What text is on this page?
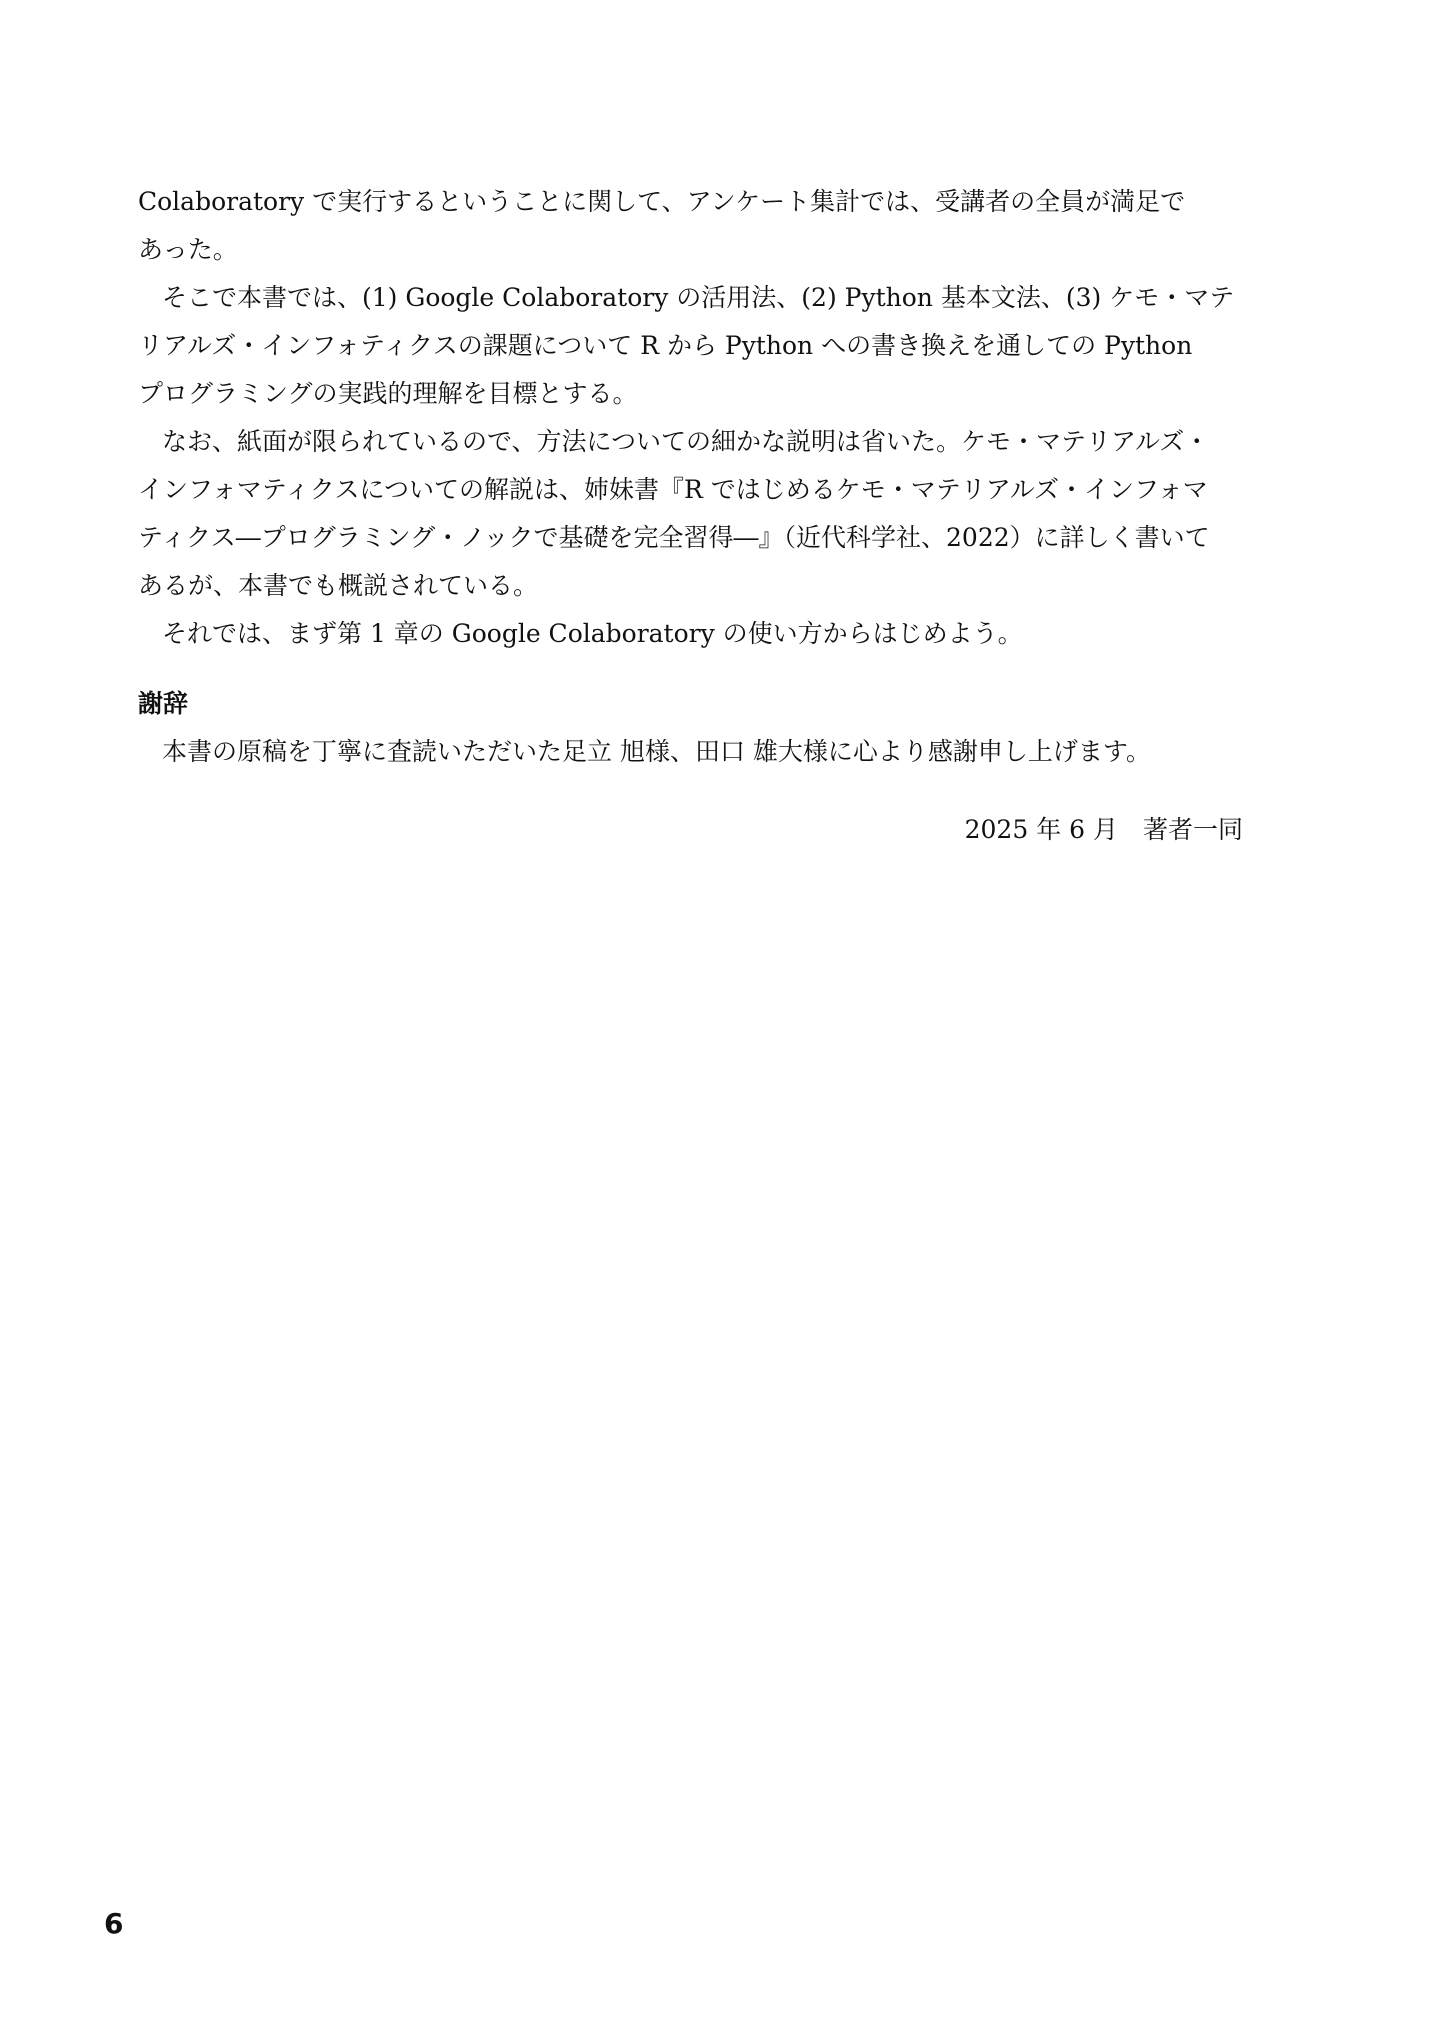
Colaboratory で実行するということに関して、アンケート集計では、受講者の全員が満足で
あった。
そこで本書では、(1) Google Colaboratory の活用法、(2) Python 基本文法、(3) ケモ・マテ
リアルズ・インフォティクスの課題について R から Python への書き換えを通しての Python
プログラミングの実践的理解を目標とする。
なお、紙面が限られているので、方法についての細かな説明は省いた。ケモ・マテリアルズ・
インフォマティクスについての解説は、姉妹書『R ではじめるケモ・マテリアルズ・インフォマ
ティクス―プログラミング・ノックで基礎を完全習得―』（近代科学社、2022）に詳しく書いて
あるが、本書でも概説されている。
それでは、まず第 1 章の Google Colaboratory の使い方からはじめよう。
謝辞
本書の原稿を丁寧に査読いただいた足立 旭様、田口 雄大様に心より感謝申し上げます。
2025 年 6 月　著者一同
6
